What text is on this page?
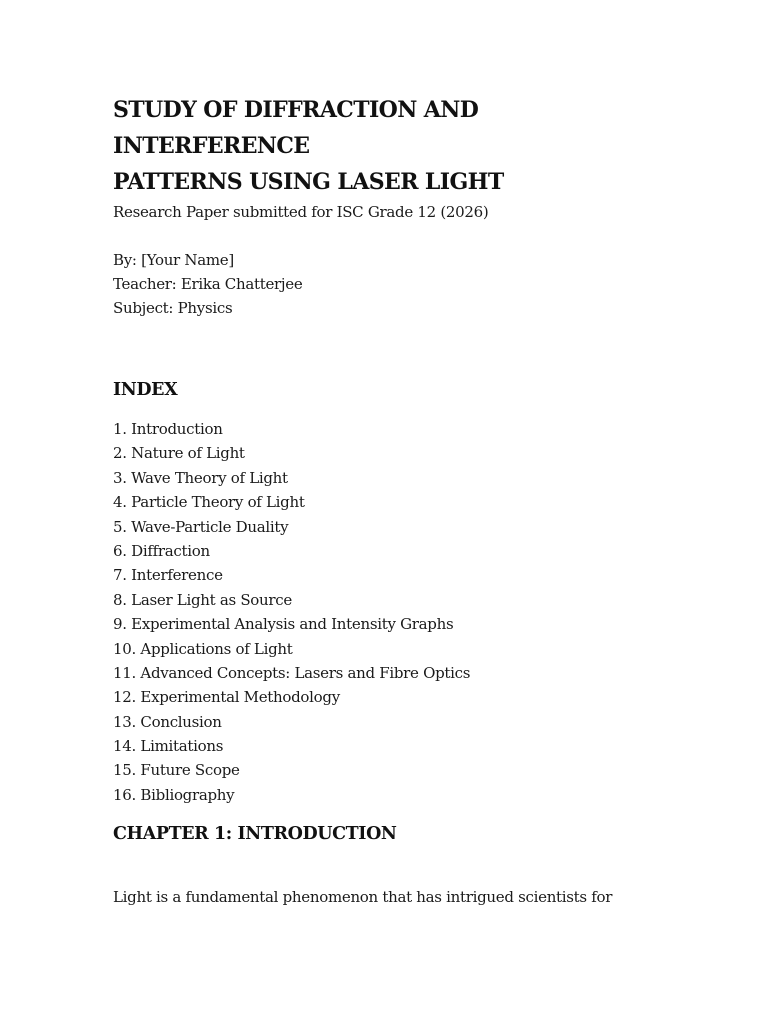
STUDY OF DIFFRACTION AND INTERFERENCE
PATTERNS USING LASER LIGHT

Research Paper submitted for ISC Grade 12 (2026)

By: [Your Name]

Teacher: Erika Chatterjee

Subject: Physics

INDEX
1. Introduction
2. Nature of Light
3. Wave Theory of Light
4. Particle Theory of Light
5. Wave-Particle Duality
6. Diffraction
7. Interference
8. Laser Light as Source
9. Experimental Analysis and Intensity Graphs
10. Applications of Light
11. Advanced Concepts: Lasers and Fibre Optics
12. Experimental Methodology
13. Conclusion
14. Limitations
15. Future Scope
16. Bibliography
CHAPTER 1: INTRODUCTION

Light is a fundamental phenomenon that has intrigued scientists for
